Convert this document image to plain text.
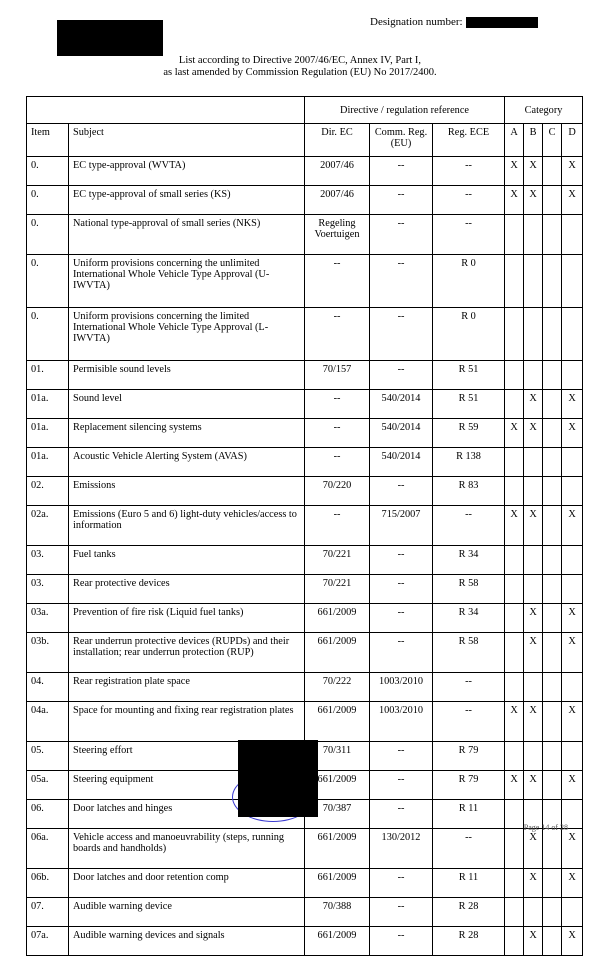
Designation number:
List according to Directive 2007/46/EC, Annex IV, Part I,
as last amended by Commission Regulation (EU) No 2017/2400.
		Directive / regulation reference			Category			
Item	Subject	Dir. EC	Comm. Reg. (EU)	Reg. ECE	A	B	C	D
0.	EC type-approval (WVTA)	2007/46	--	--	X	X		X
0.	EC type-approval of small series (KS)	2007/46	--	--	X	X		X
0.	National type-approval of small series (NKS)	Regeling Voertuigen	--	--				
0.	Uniform provisions concerning the unlimited International Whole Vehicle Type Approval (U-IWVTA)	--	--	R 0				
0.	Uniform provisions concerning the limited International Whole Vehicle Type Approval (L-IWVTA)	--	--	R 0				
01.	Permisible sound levels	70/157	--	R 51				
01a.	Sound level	--	540/2014	R 51		X		X
01a.	Replacement silencing systems	--	540/2014	R 59	X	X		X
01a.	Acoustic Vehicle Alerting System (AVAS)	--	540/2014	R 138				
02.	Emissions	70/220	--	R 83				
02a.	Emissions (Euro 5 and 6) light-duty vehicles/access to information	--	715/2007	--	X	X		X
03.	Fuel tanks	70/221	--	R 34				
03.	Rear protective devices	70/221	--	R 58				
03a.	Prevention of fire risk (Liquid fuel tanks)	661/2009	--	R 34		X		X
03b.	Rear underrun protective devices (RUPDs) and their installation; rear underrun protection (RUP)	661/2009	--	R 58		X		X
04.	Rear registration plate space	70/222	1003/2010	--				
04a.	Space for mounting and fixing rear registration plates	661/2009	1003/2010	--	X	X		X
05.	Steering effort	70/311	--	R 79				
05a.	Steering equipment	661/2009	--	R 79	X	X		X
06.	Door latches and hinges	70/387	--	R 11				
06a.	Vehicle access and manoeuvrability (steps, running boards and handholds)	661/2009	130/2012	--		X		X
06b.	Door latches and door retention comp	661/2009	--	R 11		X		X
07.	Audible warning device	70/388	--	R 28				
07a.	Audible warning devices and signals	661/2009	--	R 28		X		X
Page 14 of 28
